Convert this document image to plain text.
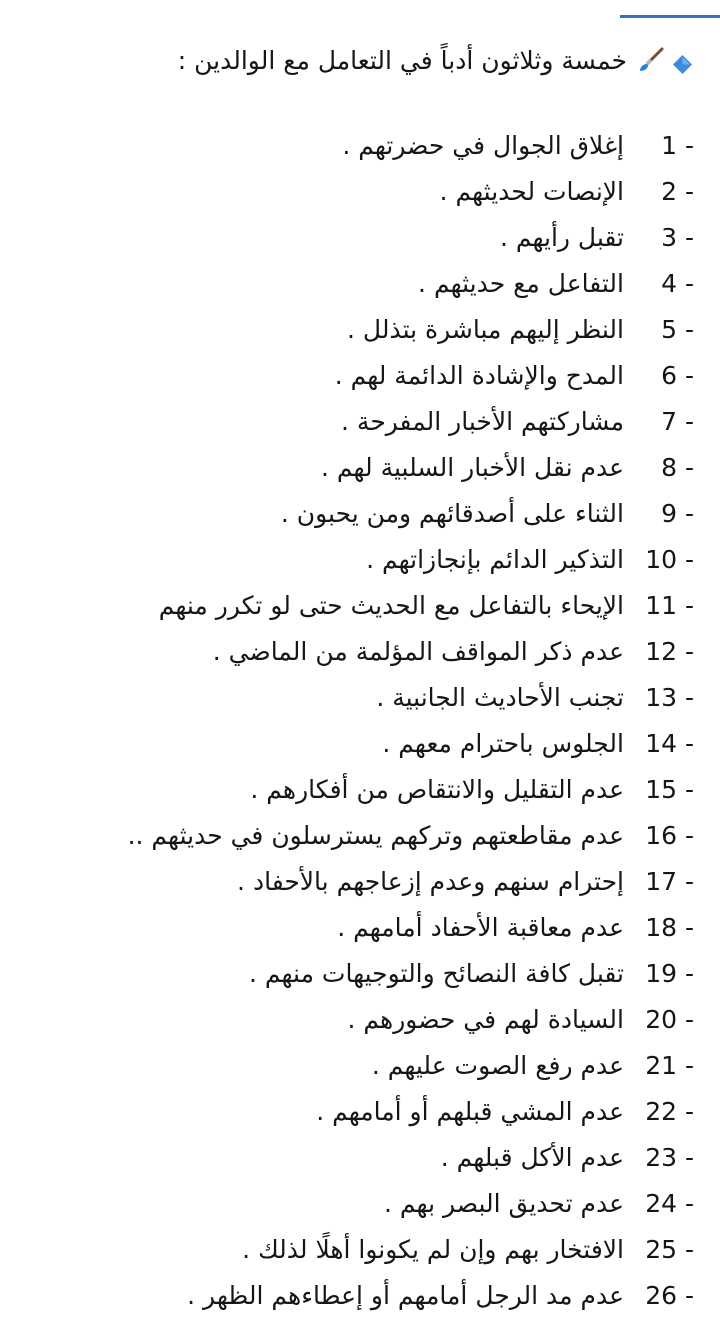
خمسة وثلاثون أدباً في التعامل مع الوالدين :
1 -
إغلاق الجوال في حضرتهم .
2 -
الإنصات لحديثهم .
3 -
تقبل رأيهم .
4 -
التفاعل مع حديثهم .
5 -
النظر إليهم مباشرة بتذلل .
6 -
المدح والإشادة الدائمة لهم .
7 -
مشاركتهم الأخبار المفرحة .
8 -
عدم نقل الأخبار السلبية لهم .
9 -
الثناء على أصدقائهم ومن يحبون .
10 -
التذكير الدائم بإنجازاتهم .
11 -
الإيحاء بالتفاعل مع الحديث حتى لو تكرر منهم
12 -
عدم ذكر المواقف المؤلمة من الماضي .
13 -
تجنب الأحاديث الجانبية .
14 -
الجلوس باحترام معهم .
15 -
عدم التقليل والانتقاص من أفكارهم .
16 -
عدم مقاطعتهم وتركهم يسترسلون في حديثهم ..
17 -
إحترام سنهم وعدم إزعاجهم بالأحفاد .
18 -
عدم معاقبة الأحفاد أمامهم .
19 -
تقبل كافة النصائح والتوجيهات منهم .
20 -
السيادة لهم في حضورهم .
21 -
عدم رفع الصوت عليهم .
22 -
عدم المشي قبلهم أو أمامهم .
23 -
عدم الأكل قبلهم .
24 -
عدم تحديق البصر بهم .
25 -
الافتخار بهم وإن لم يكونوا أهلًا لذلك .
26 -
عدم مد الرجل أمامهم أو إعطاءهم الظهر .
